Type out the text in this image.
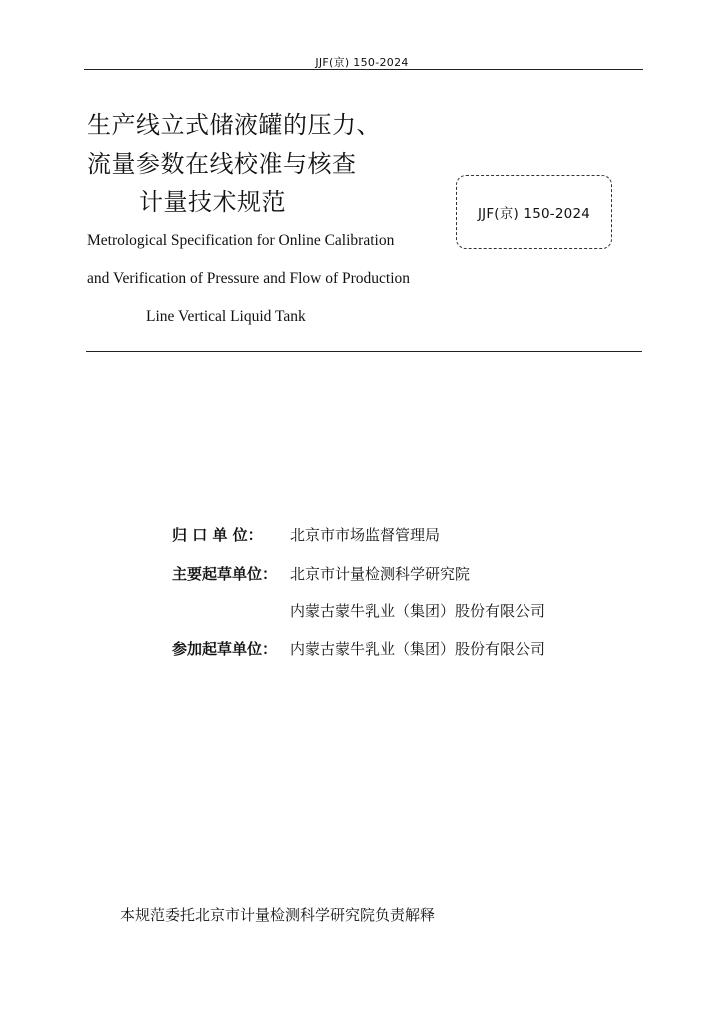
JJF(京) 150-2024
生产线立式储液罐的压力、
流量参数在线校准与核查
计量技术规范
Metrological Specification for Online Calibration
and Verification of Pressure and Flow of Production
Line Vertical Liquid Tank
JJF(京) 150-2024
归 口 单 位： 北京市市场监督管理局
主要起草单位： 北京市计量检测科学研究院
内蒙古蒙牛乳业（集团）股份有限公司
参加起草单位： 内蒙古蒙牛乳业（集团）股份有限公司
本规范委托北京市计量检测科学研究院负责解释
